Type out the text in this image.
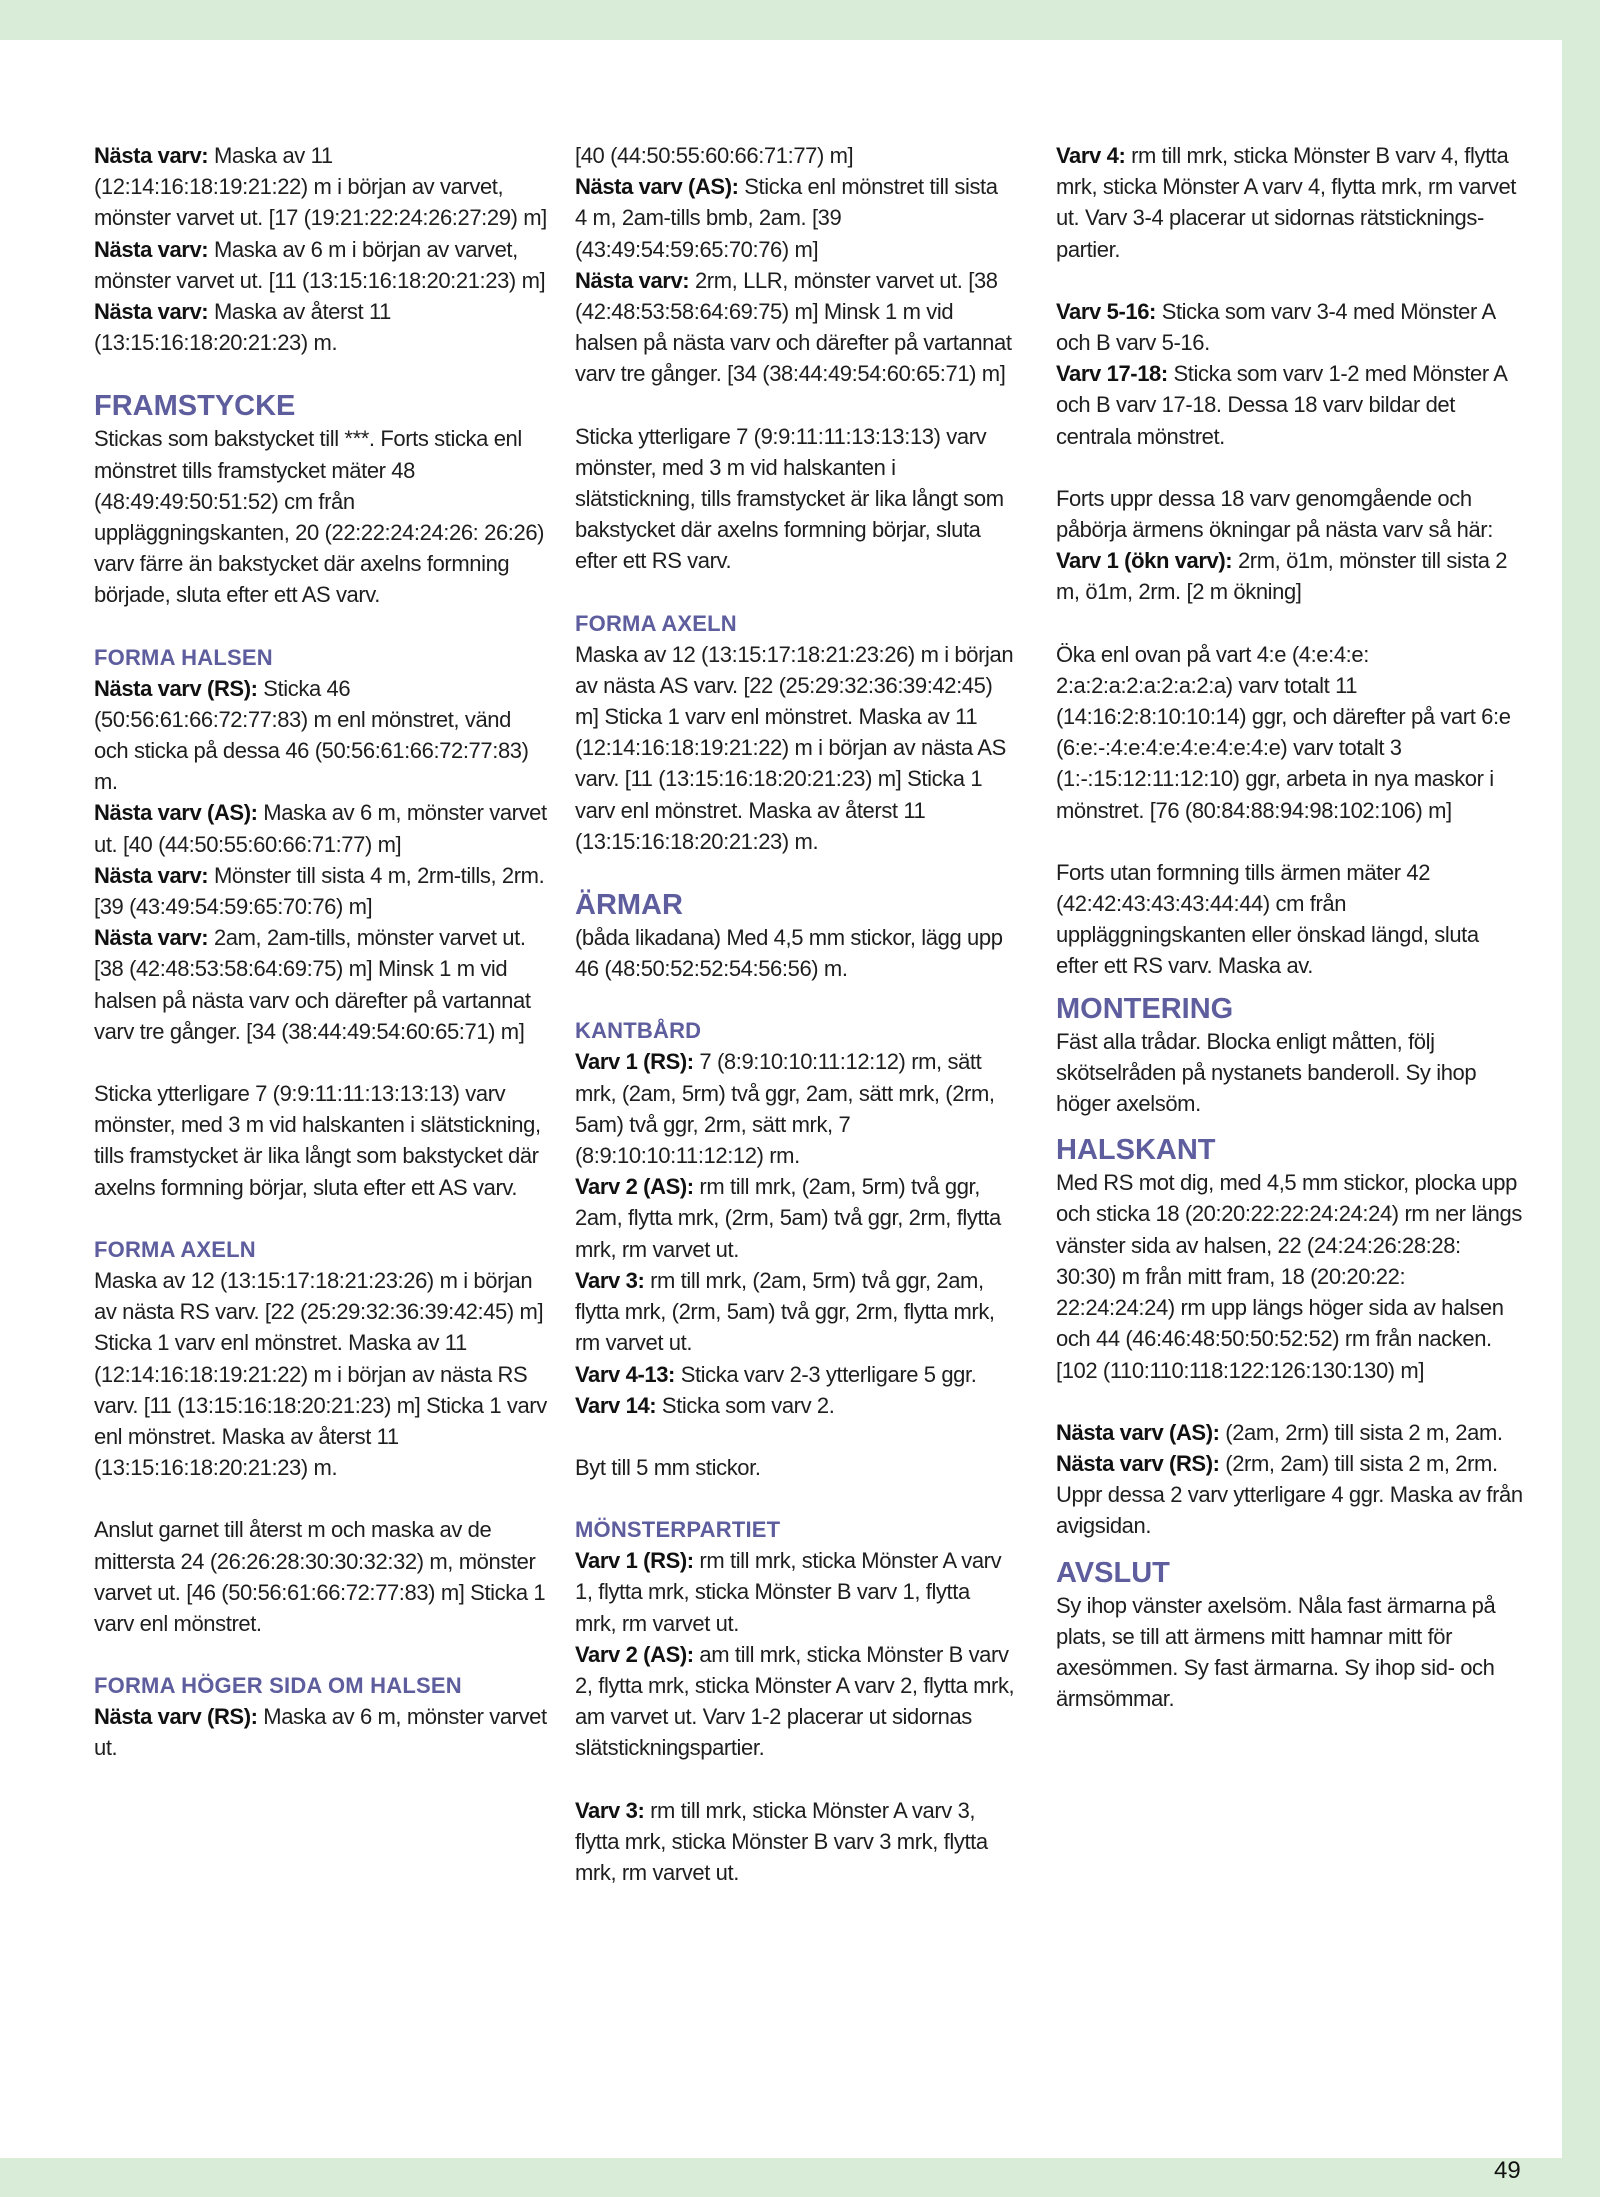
Nästa varv: Maska av 11 (12:14:16:18:19:21:22) m i början av varvet, mönster varvet ut. [17 (19:21:22:24:26:27:29) m]

Nästa varv: Maska av 6 m i början av varvet, mönster varvet ut. [11 (13:15:16:18:20:21:23) m]

Nästa varv: Maska av återst 11 (13:15:16:18:20:21:23) m.

FRAMSTYCKE

Stickas som bakstycket till ***. Forts sticka enl mönstret tills framstycket mäter 48 (48:49:49:50:51:52) cm från uppläggningskanten, 20 (22:22:24:24:26: 26:26) varv färre än bakstycket där axelns formning började, sluta efter ett AS varv.

FORMA HALSEN

Nästa varv (RS): Sticka 46 (50:56:61:66:72:77:83) m enl mönstret, vänd och sticka på dessa 46 (50:56:61:66:72:77:83) m.

Nästa varv (AS): Maska av 6 m, mönster varvet ut. [40 (44:50:55:60:66:71:77) m]

Nästa varv: Mönster till sista 4 m, 2rm-tills, 2rm. [39 (43:49:54:59:65:70:76) m]

Nästa varv: 2am, 2am-tills, mönster varvet ut. [38 (42:48:53:58:64:69:75) m] Minsk 1 m vid halsen på nästa varv och därefter på vartannat varv tre gånger. [34 (38:44:49:54:60:65:71) m]

Sticka ytterligare 7 (9:9:11:11:13:13:13) varv mönster, med 3 m vid halskanten i slätstickning, tills framstycket är lika långt som bakstycket där axelns formning börjar, sluta efter ett AS varv.

FORMA AXELN

Maska av 12 (13:15:17:18:21:23:26) m i början av nästa RS varv. [22 (25:29:32:36:39:42:45) m] Sticka 1 varv enl mönstret. Maska av 11 (12:14:16:18:19:21:22) m i början av nästa RS varv. [11 (13:15:16:18:20:21:23) m] Sticka 1 varv enl mönstret. Maska av återst 11 (13:15:16:18:20:21:23) m.

Anslut garnet till återst m och maska av de mittersta 24 (26:26:28:30:30:32:32) m, mönster varvet ut. [46 (50:56:61:66:72:77:83) m] Sticka 1 varv enl mönstret.

FORMA HÖGER SIDA OM HALSEN

Nästa varv (RS): Maska av 6 m, mönster varvet ut.

[40 (44:50:55:60:66:71:77) m]

Nästa varv (AS): Sticka enl mönstret till sista 4 m, 2am-tills bmb, 2am. [39 (43:49:54:59:65:70:76) m]

Nästa varv: 2rm, LLR, mönster varvet ut. [38 (42:48:53:58:64:69:75) m] Minsk 1 m vid halsen på nästa varv och därefter på vartannat varv tre gånger. [34 (38:44:49:54:60:65:71) m]

Sticka ytterligare 7 (9:9:11:11:13:13:13) varv mönster, med 3 m vid halskanten i slätstickning, tills framstycket är lika långt som bakstycket där axelns formning börjar, sluta efter ett RS varv.

FORMA AXELN

Maska av 12 (13:15:17:18:21:23:26) m i början av nästa AS varv. [22 (25:29:32:36:39:42:45) m] Sticka 1 varv enl mönstret. Maska av 11 (12:14:16:18:19:21:22) m i början av nästa AS varv. [11 (13:15:16:18:20:21:23) m] Sticka 1 varv enl mönstret. Maska av återst 11 (13:15:16:18:20:21:23) m.

ÄRMAR

(båda likadana) Med 4,5 mm stickor, lägg upp 46 (48:50:52:52:54:56:56) m.

KANTBÅRD

Varv 1 (RS): 7 (8:9:10:10:11:12:12) rm, sätt mrk, (2am, 5rm) två ggr, 2am, sätt mrk, (2rm, 5am) två ggr, 2rm, sätt mrk, 7 (8:9:10:10:11:12:12) rm.

Varv 2 (AS): rm till mrk, (2am, 5rm) två ggr, 2am, flytta mrk, (2rm, 5am) två ggr, 2rm, flytta mrk, rm varvet ut.

Varv 3: rm till mrk, (2am, 5rm) två ggr, 2am, flytta mrk, (2rm, 5am) två ggr, 2rm, flytta mrk, rm varvet ut.

Varv 4-13: Sticka varv 2-3 ytterligare 5 ggr.

Varv 14: Sticka som varv 2.

Byt till 5 mm stickor.

MÖNSTERPARTIET

Varv 1 (RS): rm till mrk, sticka Mönster A varv 1, flytta mrk, sticka Mönster B varv 1, flytta mrk, rm varvet ut.

Varv 2 (AS): am till mrk, sticka Mönster B varv 2, flytta mrk, sticka Mönster A varv 2, flytta mrk, am varvet ut. Varv 1-2 placerar ut sidornas slätstickningspartier.

Varv 3: rm till mrk, sticka Mönster A varv 3, flytta mrk, sticka Mönster B varv 3 mrk, flytta mrk, rm varvet ut.

Varv 4: rm till mrk, sticka Mönster B varv 4, flytta mrk, sticka Mönster A varv 4, flytta mrk, rm varvet ut. Varv 3-4 placerar ut sidornas rätstickningspartier.

Varv 5-16: Sticka som varv 3-4 med Mönster A och B varv 5-16.

Varv 17-18: Sticka som varv 1-2 med Mönster A och B varv 17-18. Dessa 18 varv bildar det centrala mönstret.

Forts uppr dessa 18 varv genomgående och påbörja ärmens ökningar på nästa varv så här:

Varv 1 (ökn varv): 2rm, ö1m, mönster till sista 2 m, ö1m, 2rm. [2 m ökning]

Öka enl ovan på vart 4:e (4:e:4:e: 2:a:2:a:2:a:2:a:2:a) varv totalt 11 (14:16:2:8:10:10:14) ggr, och därefter på vart 6:e (6:e:-:4:e:4:e:4:e:4:e:4:e) varv totalt 3 (1:-:15:12:11:12:10) ggr, arbeta in nya maskor i mönstret. [76 (80:84:88:94:98:102:106) m]

Forts utan formning tills ärmen mäter 42 (42:42:43:43:43:44:44) cm från uppläggningskanten eller önskad längd, sluta efter ett RS varv. Maska av.

MONTERING

Fäst alla trådar. Blocka enligt måtten, följ skötselråden på nystanets banderoll. Sy ihop höger axelsöm.

HALSKANT

Med RS mot dig, med 4,5 mm stickor, plocka upp och sticka 18 (20:20:22:22:24:24:24) rm ner längs vänster sida av halsen, 22 (24:24:26:28:28: 30:30) m från mitt fram, 18 (20:20:22: 22:24:24:24) rm upp längs höger sida av halsen och 44 (46:46:48:50:50:52:52) rm från nacken. [102 (110:110:118:122:126:130:130) m]

Nästa varv (AS): (2am, 2rm) till sista 2 m, 2am.

Nästa varv (RS): (2rm, 2am) till sista 2 m, 2rm. Uppr dessa 2 varv ytterligare 4 ggr. Maska av från avigsidan.

AVSLUT

Sy ihop vänster axelsöm. Nåla fast ärmarna på plats, se till att ärmens mitt hamnar mitt för axesömmen. Sy fast ärmarna. Sy ihop sid- och ärmsömmar.

49
